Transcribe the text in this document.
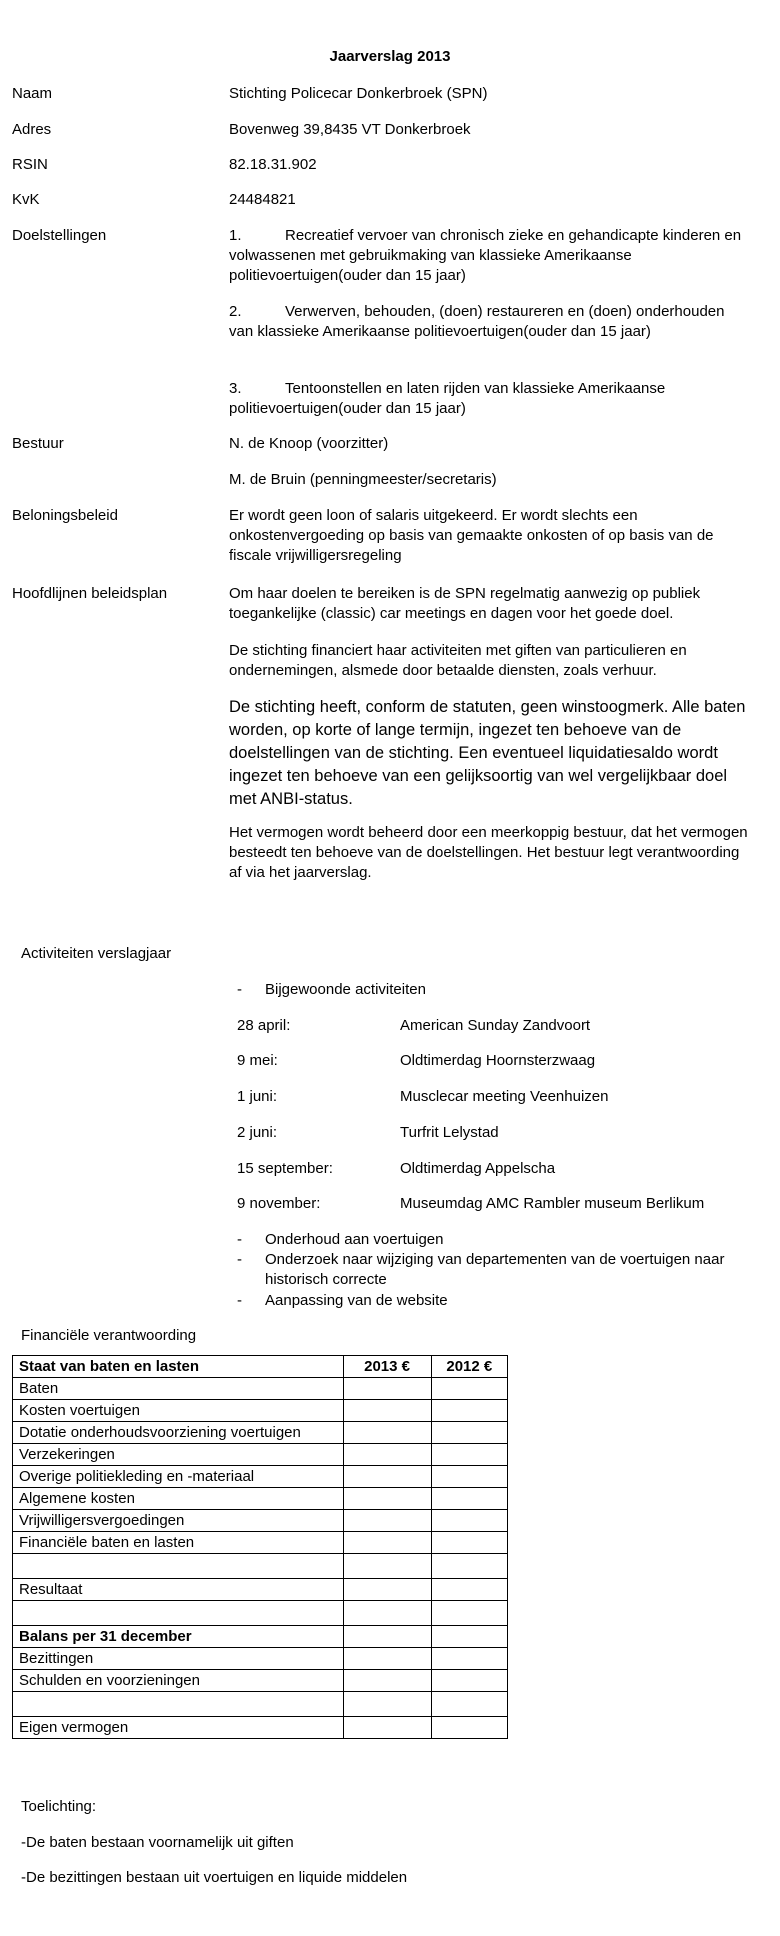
Jaarverslag 2013
Naam	Stichting Policecar Donkerbroek (SPN)
Adres	Bovenweg 39,8435 VT Donkerbroek
RSIN	82.18.31.902
KvK	24484821
Doelstellingen	1.	Recreatief vervoer van chronisch zieke en gehandicapte kinderen en volwassenen met gebruikmaking van klassieke Amerikaanse politievoertuigen(ouder dan 15 jaar)
2.	Verwerven, behouden, (doen) restaureren en (doen) onderhouden van klassieke Amerikaanse politievoertuigen(ouder dan 15 jaar)
3.	Tentoonstellen en laten rijden van klassieke Amerikaanse politievoertuigen(ouder dan 15 jaar)
Bestuur	N. de Knoop (voorzitter)
M. de Bruin (penningmeester/secretaris)
Beloningsbeleid	Er wordt geen loon of salaris uitgekeerd. Er wordt slechts een onkostenvergoeding op basis van gemaakte onkosten of op basis van de fiscale vrijwilligersregeling
Hoofdlijnen beleidsplan	Om haar doelen te bereiken is de SPN regelmatig aanwezig op publiek toegankelijke (classic) car meetings en dagen voor het goede doel.
De stichting financiert haar activiteiten met giften van particulieren en ondernemingen, alsmede door betaalde diensten, zoals verhuur.
De stichting heeft, conform de statuten, geen winstoogmerk. Alle baten worden, op korte of lange termijn, ingezet ten behoeve van de doelstellingen van de stichting. Een eventueel liquidatiesaldo wordt ingezet ten behoeve van een gelijksoortig van wel vergelijkbaar doel met ANBI-status.
Het vermogen wordt beheerd door een meerkoppig bestuur, dat het vermogen besteedt ten behoeve van de doelstellingen. Het bestuur legt verantwoording af via het jaarverslag.
Activiteiten verslagjaar
- Bijgewoonde activiteiten
28 april:	American Sunday Zandvoort
9 mei:	Oldtimerdag Hoornsterzwaag
1 juni:	Musclecar meeting Veenhuizen
2 juni:	Turfrit Lelystad
15 september:	Oldtimerdag Appelscha
9 november:	Museumdag AMC Rambler museum Berlikum
- Onderhoud aan voertuigen
- Onderzoek naar wijziging van departementen van de voertuigen naar historisch correcte
- Aanpassing van de website
Financiële verantwoording
Staat van baten en lasten	2013 €	2012 €
Baten		
Kosten voertuigen		
Dotatie onderhoudsvoorziening voertuigen		
Verzekeringen		
Overige politiekleding en -materiaal		
Algemene kosten		
Vrijwilligersvergoedingen		
Financiële baten en lasten		

Resultaat		

Balans per 31 december		
Bezittingen		
Schulden en voorzieningen		

Eigen vermogen		
Toelichting:
-De baten bestaan voornamelijk uit giften
-De bezittingen bestaan uit voertuigen en liquide middelen
